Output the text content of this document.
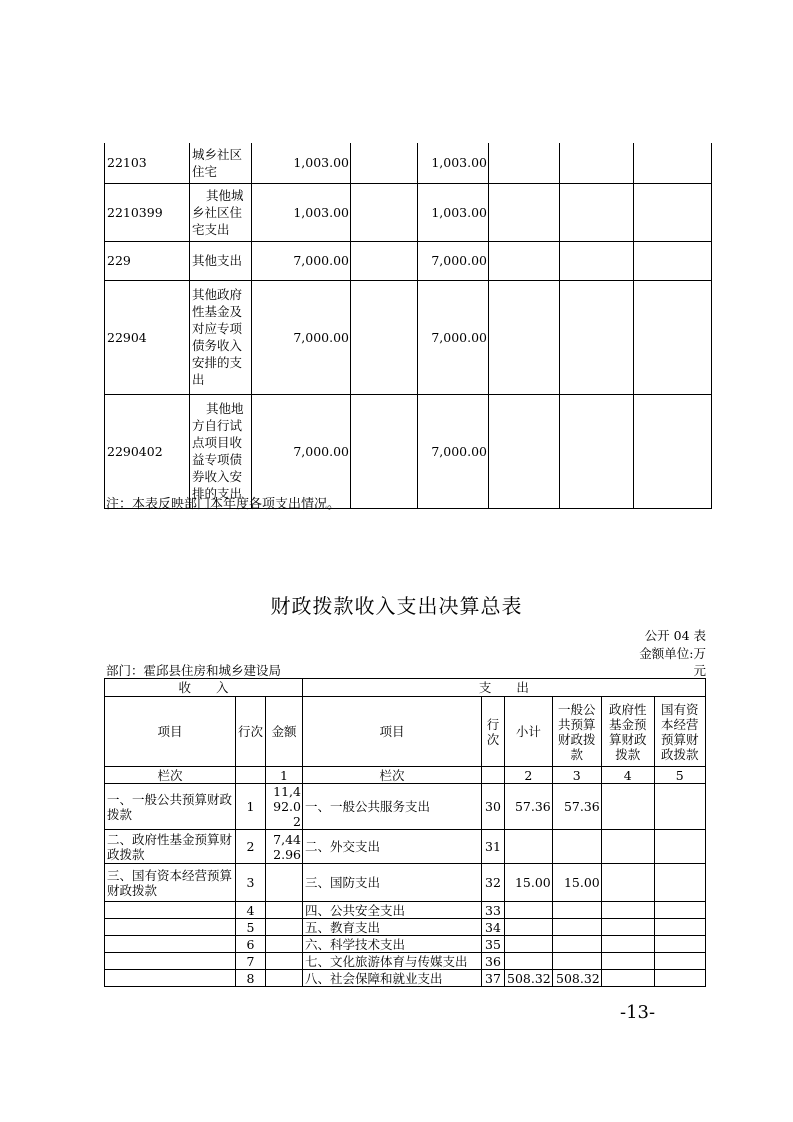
22103	城乡社区住宅	1,003.00		1,003.00			
2210399	其他城乡社区住宅支出	1,003.00		1,003.00			
229	其他支出	7,000.00		7,000.00			
22904	其他政府性基金及对应专项债务收入安排的支出	7,000.00		7,000.00			
2290402	其他地方自行试点项目收益专项债券收入安排的支出	7,000.00		7,000.00			
注：本表反映部门本年度各项支出情况。
财政拨款收入支出决算总表
公开 04 表
金额单位:万
部门：霍邱县住房和城乡建设局	元
收　　入			支　　出					
项目	行次	金额	项目	行次	小计	一般公共预算财政拨款	政府性基金预算财政拨款	国有资本经营预算财政拨款
栏次		1	栏次		2	3	4	5
一、一般公共预算财政拨款	1	11,492.02	一、一般公共服务支出	30	57.36	57.36		
二、政府性基金预算财政拨款	2	7,442.96	二、外交支出	31				
三、国有资本经营预算财政拨款	3		三、国防支出	32	15.00	15.00		
	4		四、公共安全支出	33				
	5		五、教育支出	34				
	6		六、科学技术支出	35				
	7		七、文化旅游体育与传媒支出	36				
	8		八、社会保障和就业支出	37	508.32	508.32		
-13-
